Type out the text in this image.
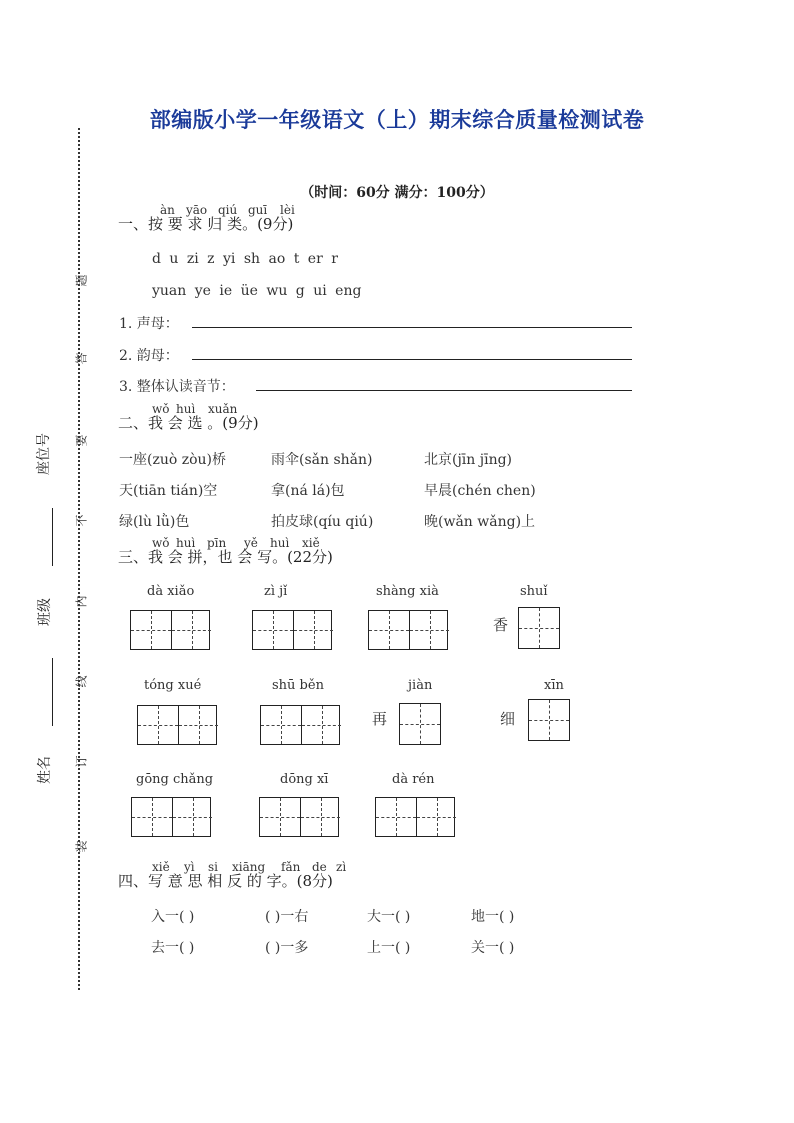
题
答
要
不
内
线
订
装
座位号
班级
姓名
部编版小学一年级语文（上）期末综合质量检测试卷
（时间：60分 满分：100分）
àn yāo qiú guī lèi
一、按 要 求 归 类。(9分)
d u zi z yi sh ao t er r
yuan ye ie üe wu g ui eng
1. 声母：
2. 韵母：
3. 整体认读音节：
wǒ huì xuǎn
二、我 会 选 。(9分)
一座(zuò zòu)桥	雨伞(sǎn shǎn)	北京(jīn jīng)
天(tiān tián)空	拿(ná lá)包	早晨(chén chen)
绿(lù lǜ)色	拍皮球(qíu qiú)	晚(wǎn wǎng)上
wǒ huì pīn yě huì xiě
三、我 会 拼，也 会 写。(22分)
dà xiǎo	zì jǐ	shàng xià	shuǐ
香
tóng xué	shū běn	jiàn
再
xīn
细
gōng chǎng	dōng xī	dà rén
xiě yì si xiāng fǎn de zì
四、写 意 思 相 反 的 字。(8分)
入一( )	( )一右	大一( )	地一( )
去一( )	( )一多	上一( )	关一( )
